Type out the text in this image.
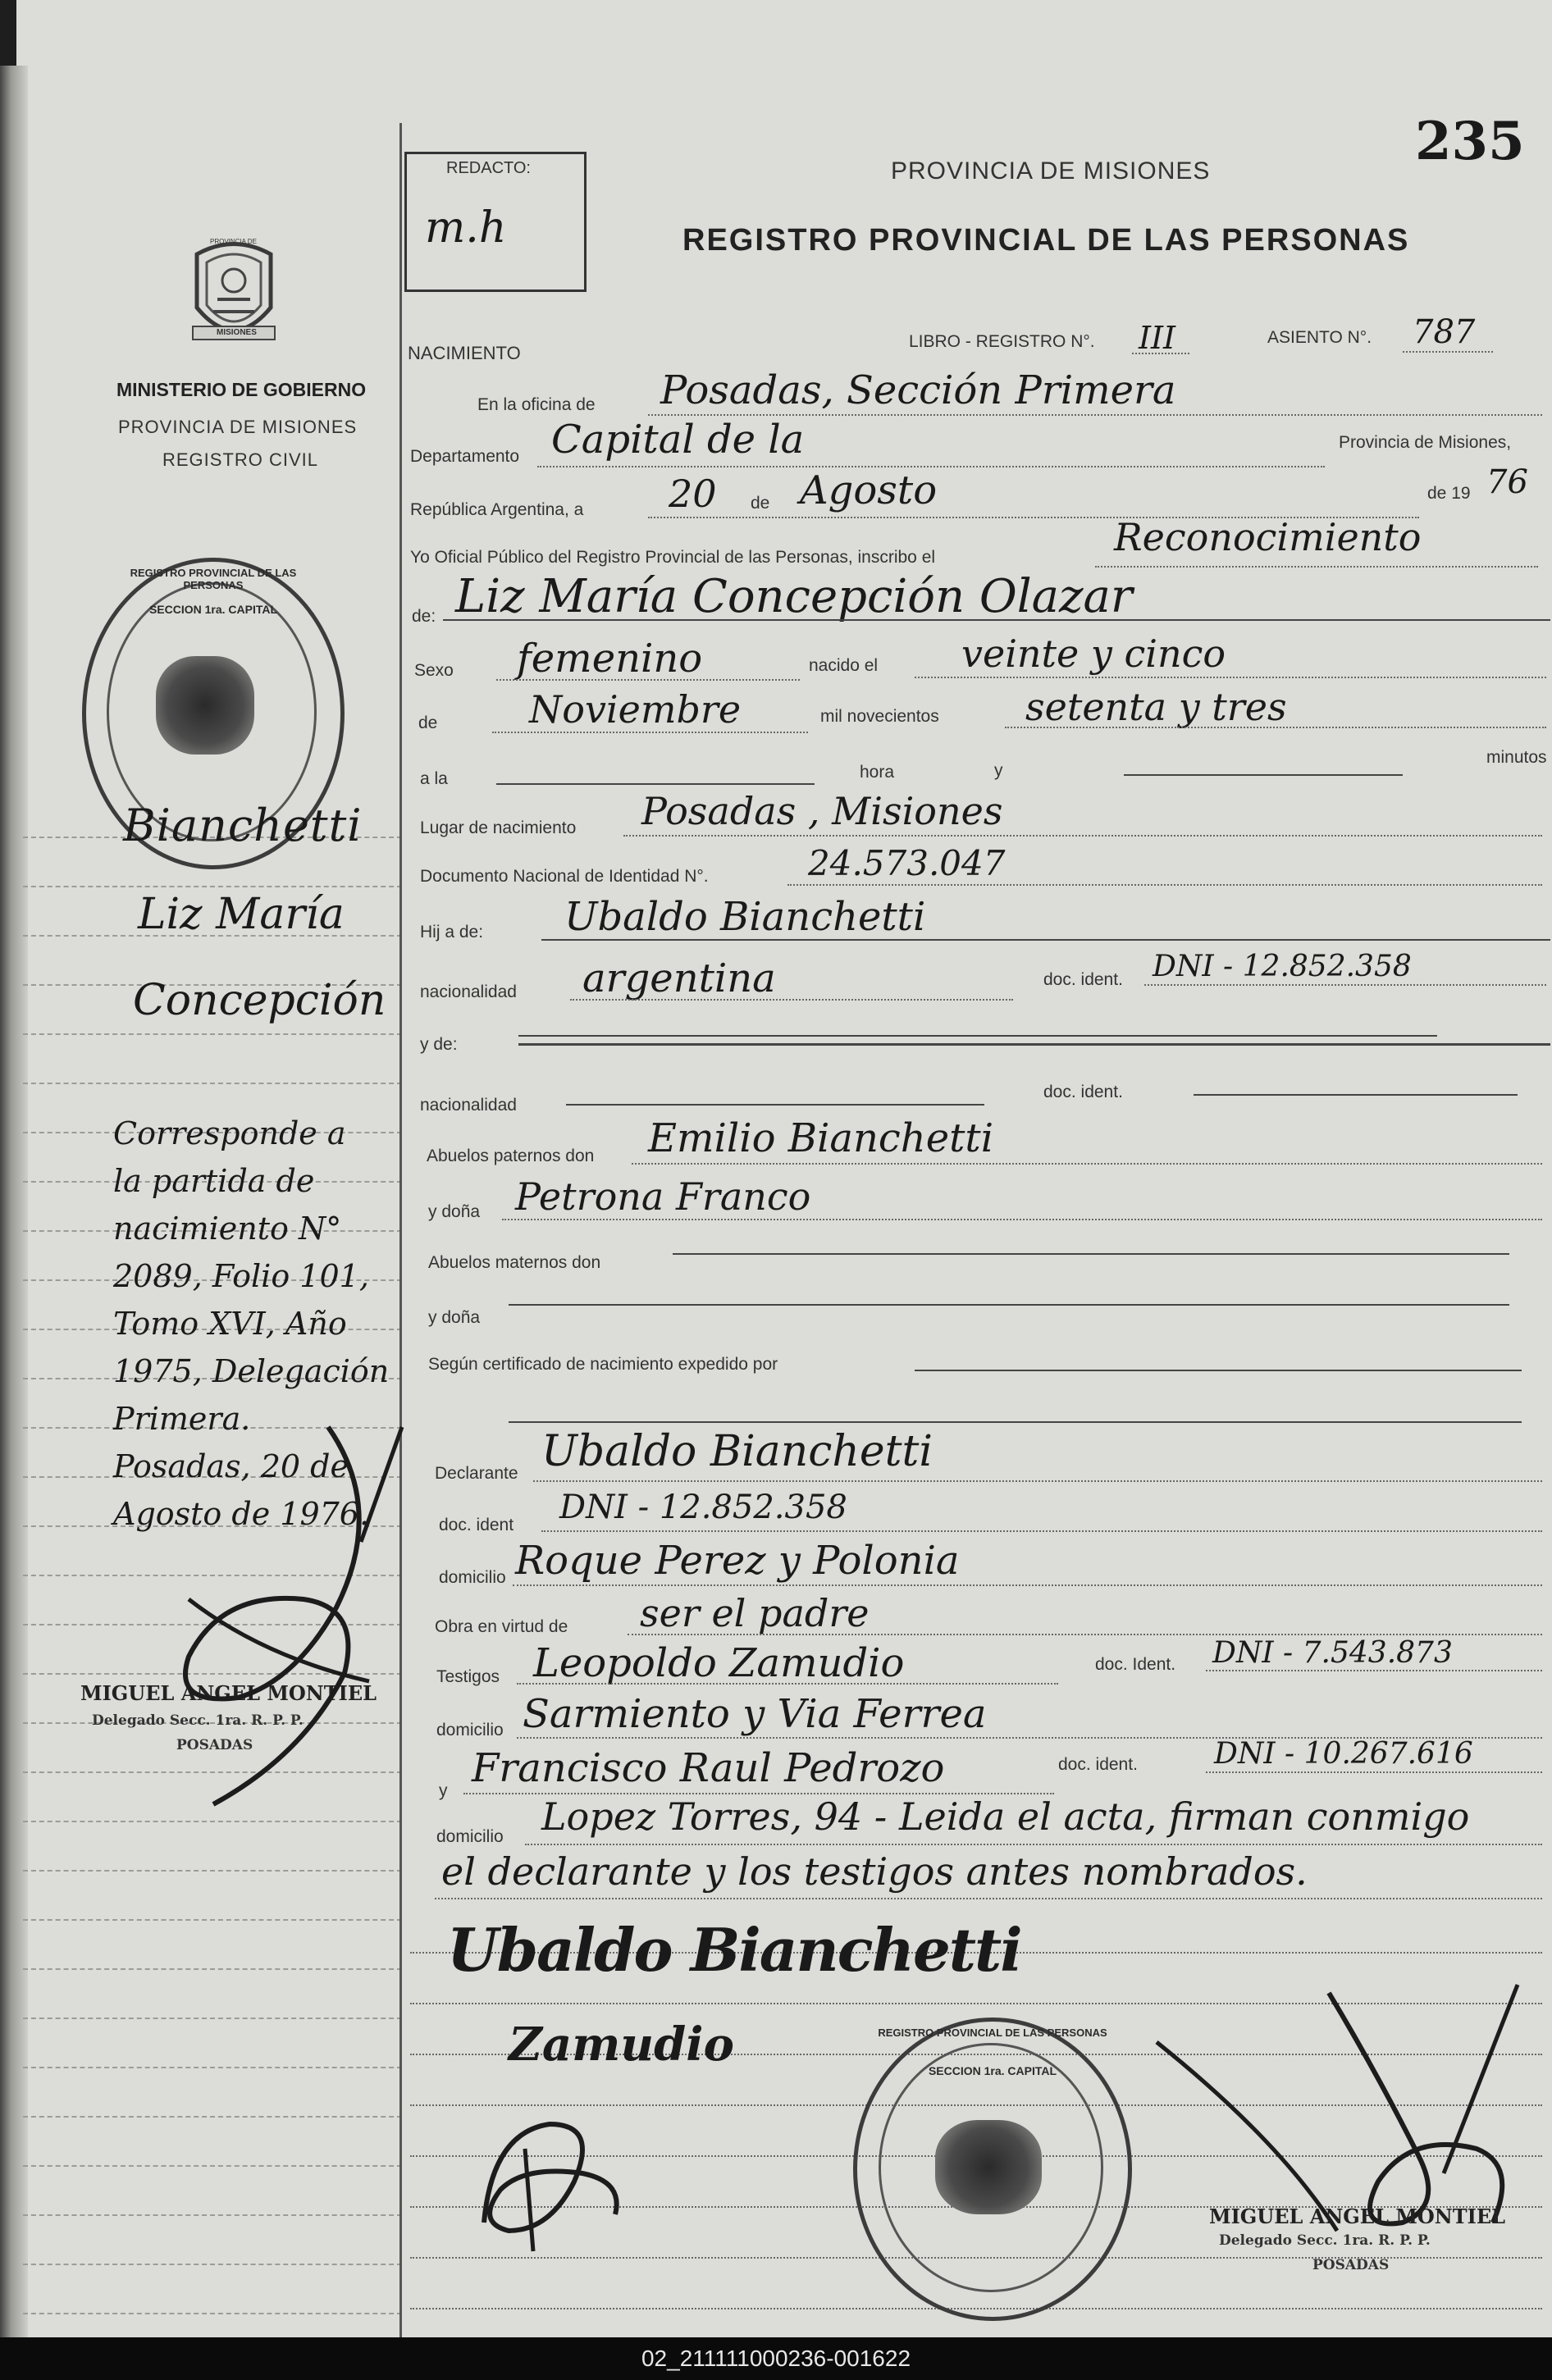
235
REDACTO:
m.h
PROVINCIA DE MISIONES
REGISTRO PROVINCIAL DE LAS PERSONAS
PROVINCIA DE
MISIONES
MINISTERIO DE GOBIERNO
PROVINCIA DE MISIONES
REGISTRO CIVIL
REGISTRO PROVINCIAL DE LAS PERSONAS
SECCION 1ra. CAPITAL
Bianchetti
Liz María
Concepción
Corresponde a
la partida de
nacimiento N°
2089, Folio 101,
Tomo XVI, Año
1975, Delegación
Primera.
Posadas, 20 de
Agosto de 1976.
MIGUEL ANGEL MONTIEL
Delegado Secc. 1ra. R. P. P.
POSADAS
NACIMIENTO
LIBRO - REGISTRO N°. III	ASIENTO N°. 787
En la oficina de Posadas, Sección Primera
Departamento Capital de la	Provincia de Misiones,
República Argentina, a 20 de Agosto	de 19 76
Yo Oficial Público del Registro Provincial de las Personas, inscribo el	Reconocimiento
de: Liz María Concepción Olazar
Sexo femenino	nacido el veinte y cinco
de Noviembre	mil novecientos setenta y tres
a la	hora	y
minutos
Lugar de nacimiento Posadas , Misiones
Documento Nacional de Identidad N°.	24.573.047
Hij a de: Ubaldo Bianchetti
nacionalidad argentina	doc. ident. DNI - 12.852.358
y de:
nacionalidad
doc. ident.
Abuelos paternos don Emilio Bianchetti
y doña Petrona Franco
Abuelos maternos don
y doña
Según certificado de nacimiento expedido por
Declarante Ubaldo Bianchetti
doc. ident DNI - 12.852.358
domicilio Roque Perez y Polonia
Obra en virtud de ser el padre
Testigos Leopoldo Zamudio	doc. Ident. DNI - 7.543.873
domicilio Sarmiento y Via Ferrea
y Francisco Raul Pedrozo	doc. ident.	DNI - 10.267.616
domicilio Lopez Torres, 94 - Leida el acta, firman conmigo
el declarante y los testigos antes nombrados.
Ubaldo Bianchetti
Zamudio	REGISTRO PROVINCIAL DE LAS PERSONAS
SECCION 1ra. CAPITAL
MIGUEL ANGEL MONTIEL
Delegado Secc. 1ra. R. P. P.
POSADAS
02_211111000236-001622
